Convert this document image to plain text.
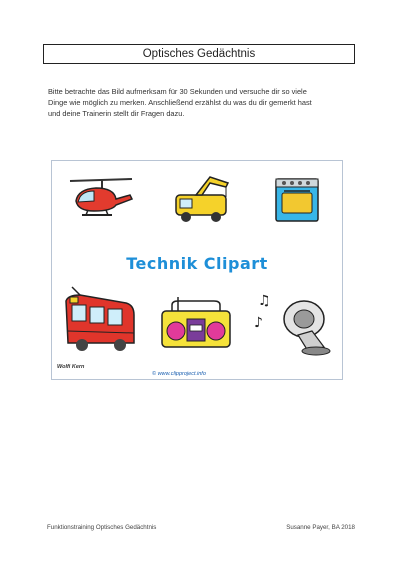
Optisches Gedächtnis

Bitte betrachte das Bild aufmerksam für 30 Sekunden und versuche dir so viele

Dinge wie möglich zu merken. Anschließend erzählst du was du dir gemerkt hast

und deine Trainerin stellt dir Fragen dazu.

Technik Clipart
♫
♪
Wolfi Kern
© www.clipproject.info
Funktionstraining Optisches Gedächtnis	Susanne Payer, BA 2018
